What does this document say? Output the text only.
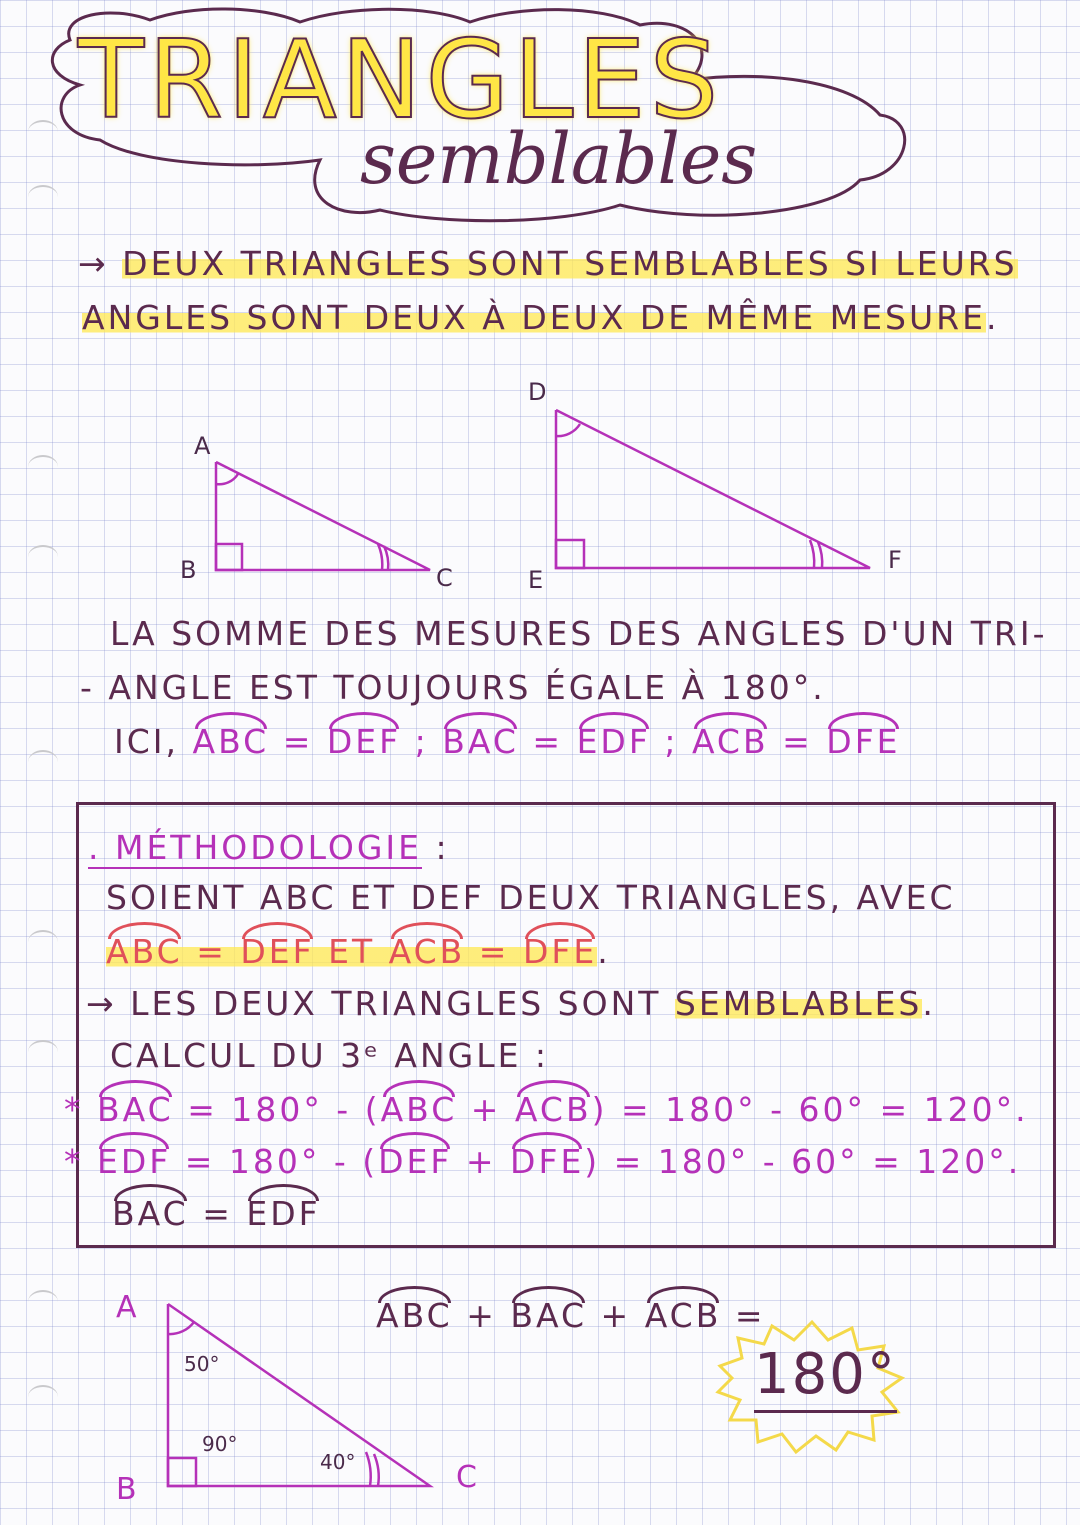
TRIANGLES
semblables
→ DEUX TRIANGLES SONT SEMBLABLES SI LEURS
ANGLES SONT DEUX À DEUX DE MÊME MESURE.
A
B	C
D
E
F
LA SOMME DES MESURES DES ANGLES D'UN TRI-
- ANGLE EST TOUJOURS ÉGALE À 180°.
ICI, ABC = DEF ; BAC = EDF ; ACB = DFE
. MÉTHODOLOGIE :
SOIENT ABC ET DEF DEUX TRIANGLES, AVEC
ABC = DEF ET ACB = DFE.
→ LES DEUX TRIANGLES SONT SEMBLABLES.
CALCUL DU 3ᵉ ANGLE :
* BAC = 180° - (ABC + ACB) = 180° - 60° = 120°.
* EDF = 180° - (DEF + DFE) = 180° - 60° = 120°.
BAC = EDF
A
B	C
50°
90°
40°
ABC + BAC + ACB =
180°
